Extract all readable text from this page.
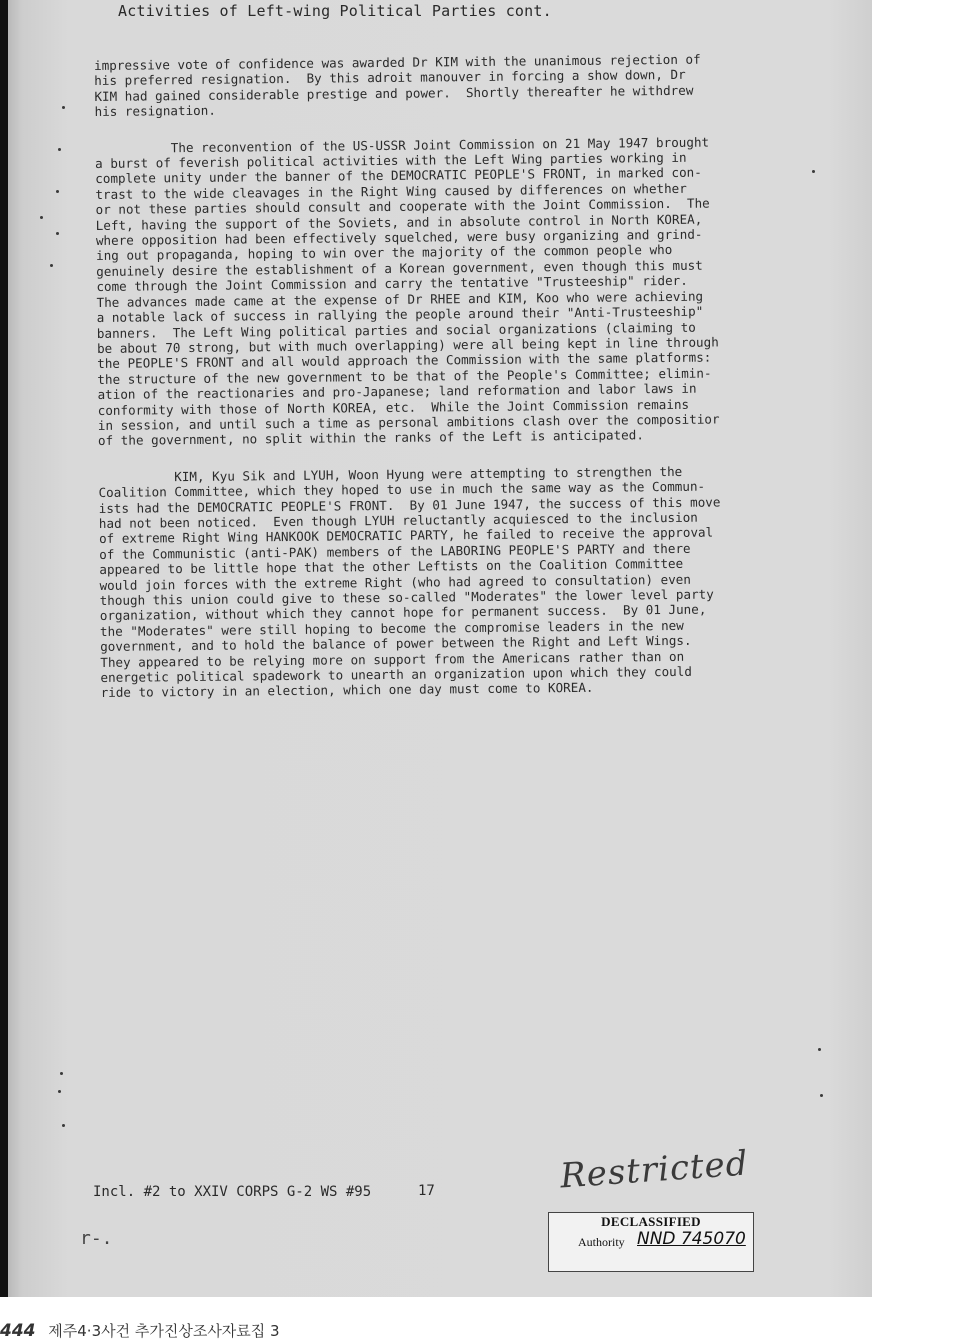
Activities of Left-wing Political Parties cont.
impressive vote of confidence was awarded Dr KIM with the unanimous rejection of
his preferred resignation.  By this adroit manouver in forcing a show down, Dr
KIM had gained considerable prestige and power.  Shortly thereafter he withdrew
his resignation.
The reconvention of the US-USSR Joint Commission on 21 May 1947 brought
a burst of feverish political activities with the Left Wing parties working in
complete unity under the banner of the DEMOCRATIC PEOPLE'S FRONT, in marked con-
trast to the wide cleavages in the Right Wing caused by differences on whether
or not these parties should consult and cooperate with the Joint Commission.  The
Left, having the support of the Soviets, and in absolute control in North KOREA,
where opposition had been effectively squelched, were busy organizing and grind-
ing out propaganda, hoping to win over the majority of the common people who
genuinely desire the establishment of a Korean government, even though this must
come through the Joint Commission and carry the tentative "Trusteeship" rider.
The advances made came at the expense of Dr RHEE and KIM, Koo who were achieving
a notable lack of success in rallying the people around their "Anti-Trusteeship"
banners.  The Left Wing political parties and social organizations (claiming to
be about 70 strong, but with much overlapping) were all being kept in line through
the PEOPLE'S FRONT and all would approach the Commission with the same platforms:
the structure of the new government to be that of the People's Committee; elimin-
ation of the reactionaries and pro-Japanese; land reformation and labor laws in
conformity with those of North KOREA, etc.  While the Joint Commission remains
in session, and until such a time as personal ambitions clash over the compositior
of the government, no split within the ranks of the Left is anticipated.
KIM, Kyu Sik and LYUH, Woon Hyung were attempting to strengthen the
Coalition Committee, which they hoped to use in much the same way as the Commun-
ists had the DEMOCRATIC PEOPLE'S FRONT.  By 01 June 1947, the success of this move
had not been noticed.  Even though LYUH reluctantly acquiesced to the inclusion
of extreme Right Wing HANKOOK DEMOCRATIC PARTY, he failed to receive the approval
of the Communistic (anti-PAK) members of the LABORING PEOPLE'S PARTY and there
appeared to be little hope that the other Leftists on the Coalition Committee
would join forces with the extreme Right (who had agreed to consultation) even
though this union could give to these so-called "Moderates" the lower level party
organization, without which they cannot hope for permanent success.  By 01 June,
the "Moderates" were still hoping to become the compromise leaders in the new
government, and to hold the balance of power between the Right and Left Wings.
They appeared to be relying more on support from the Americans rather than on
energetic political spadework to unearth an organization upon which they could
ride to victory in an election, which one day must come to KOREA.
Incl. #2 to XXIV CORPS G-2 WS #95	17	Restricted
DECLASSIFIED
Authority NND 745070
r-.
444 제주4·3사건 추가진상조사자료집 3
